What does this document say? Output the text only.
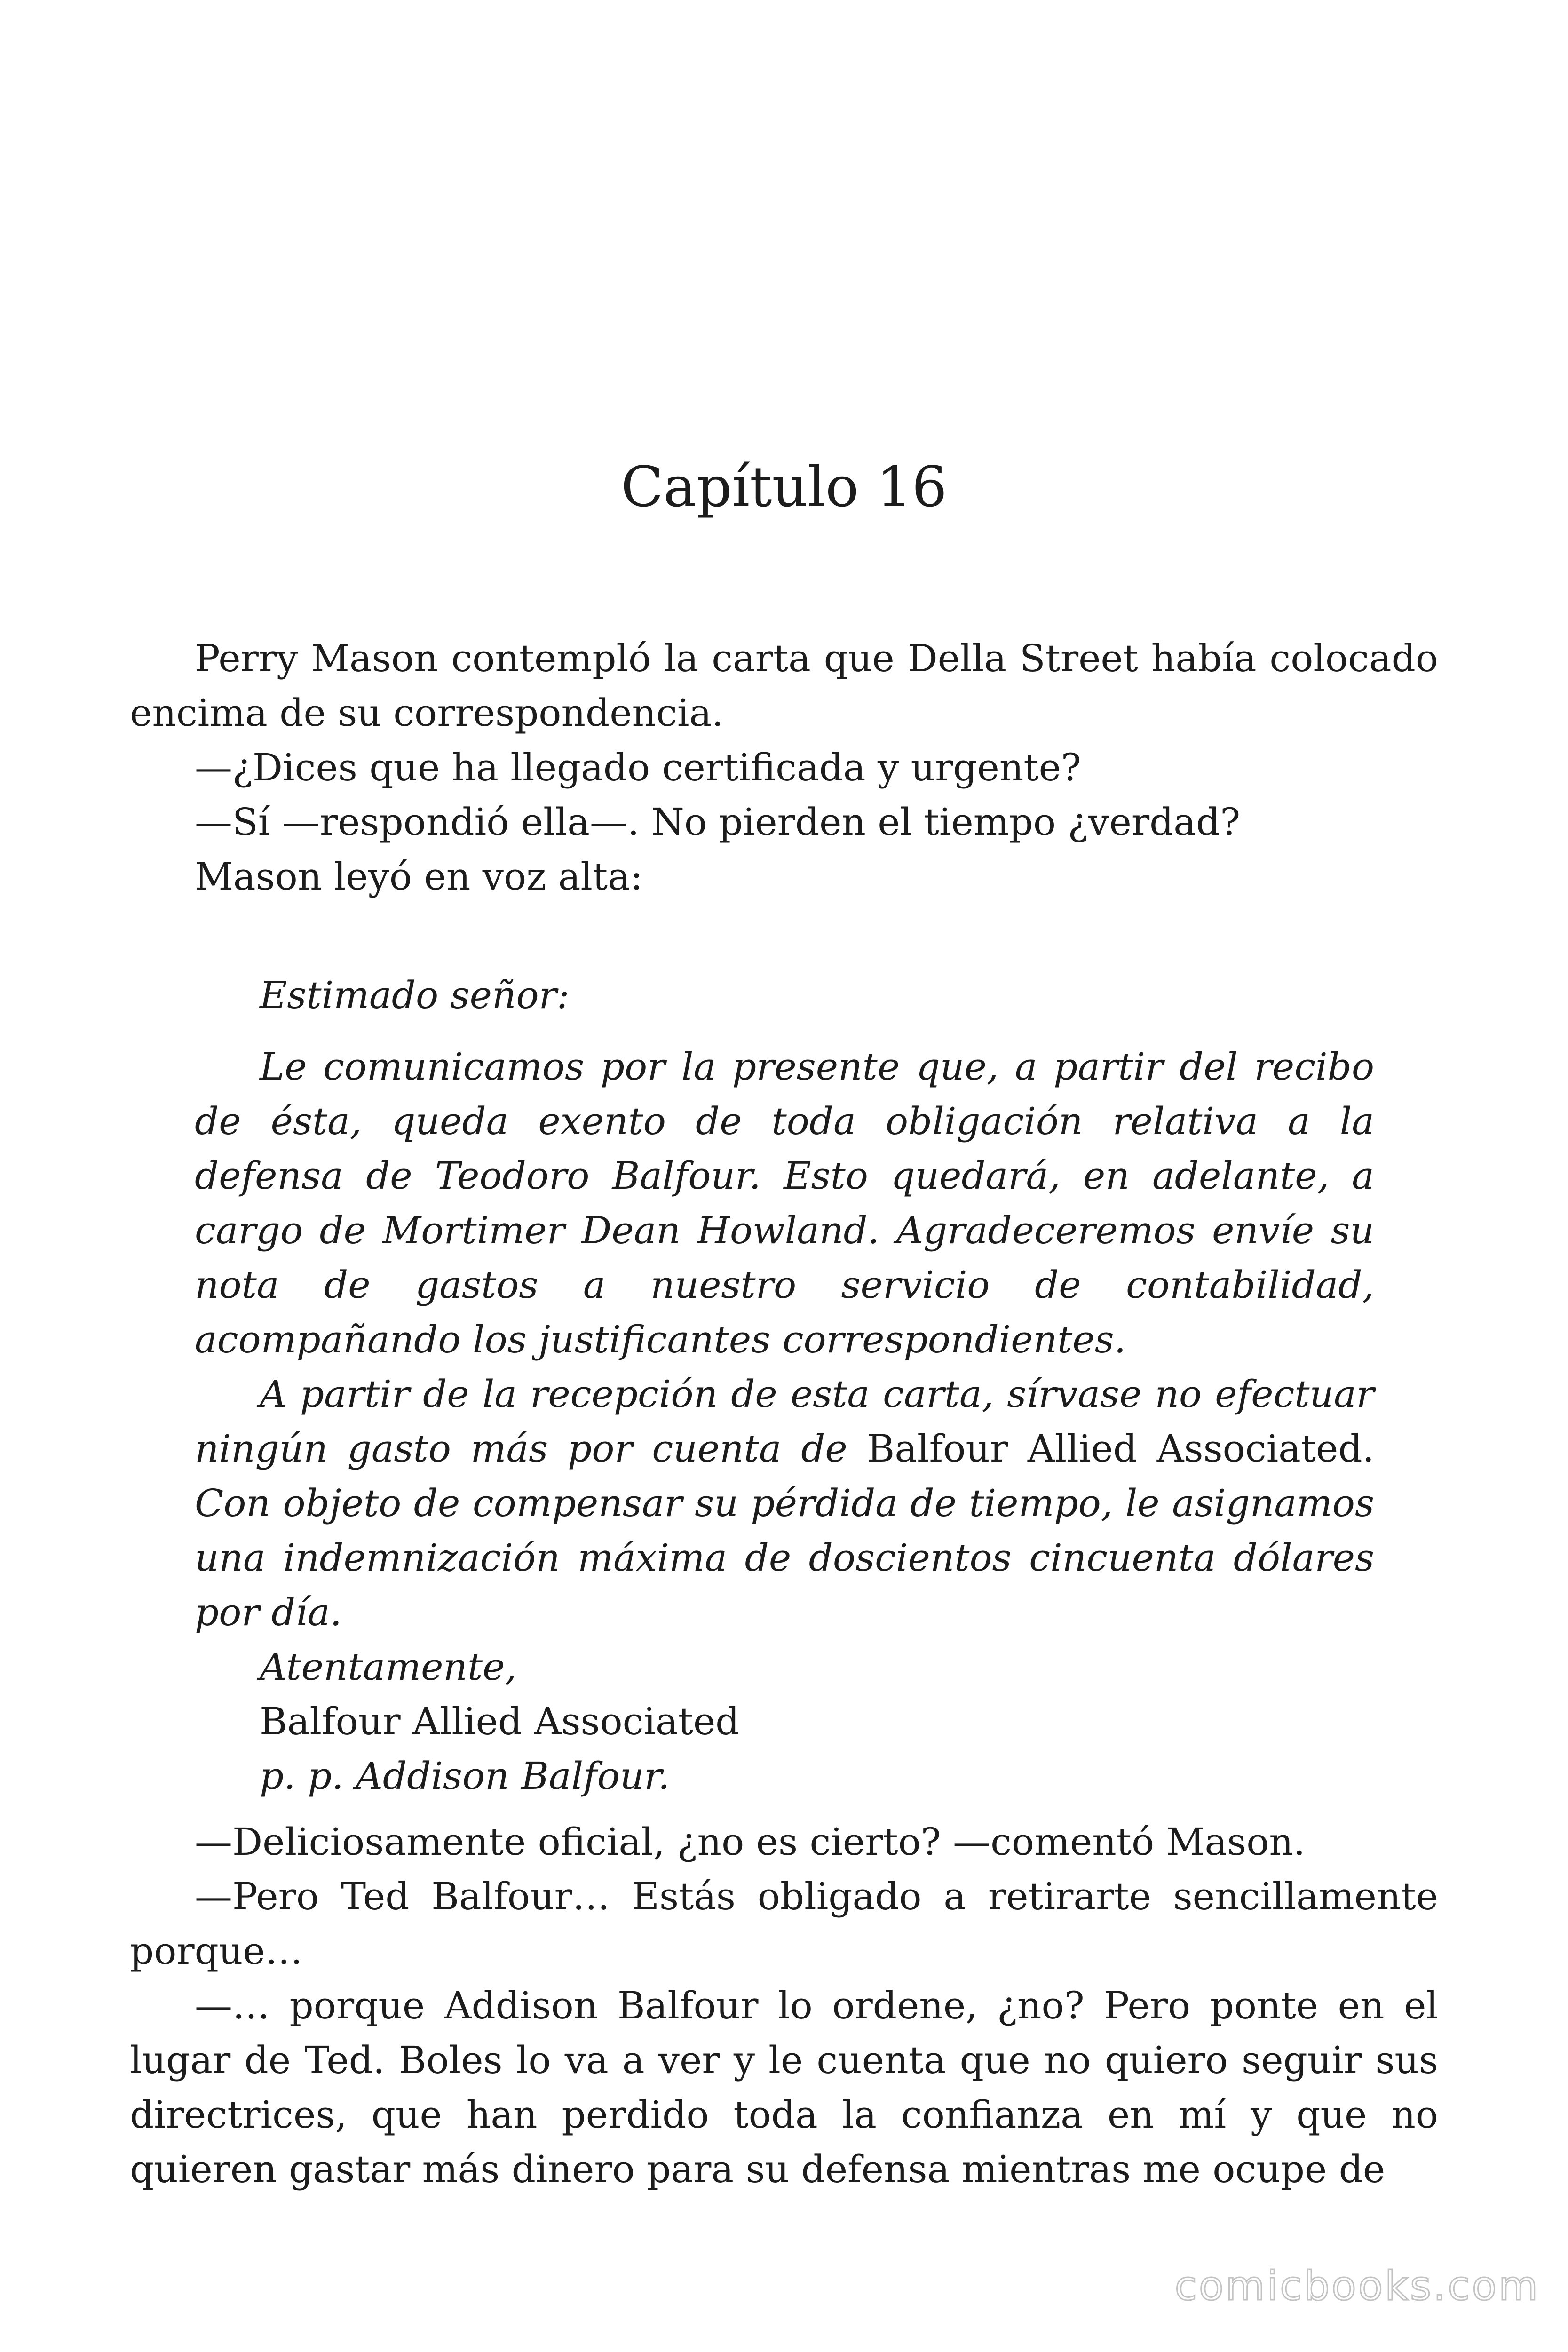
Capítulo 16

Perry Mason contempló la carta que Della Street había colocado encima de su correspondencia.

—¿Dices que ha llegado certificada y urgente?

—Sí —respondió ella—. No pierden el tiempo ¿verdad?

Mason leyó en voz alta:

Estimado señor:

Le comunicamos por la presente que, a partir del recibo de ésta, queda exento de toda obligación relativa a la defensa de Teodoro Balfour. Esto quedará, en adelante, a cargo de Mortimer Dean Howland. Agradeceremos envíe su nota de gastos a nuestro servicio de contabilidad, acompañando los justificantes correspondientes.

A partir de la recepción de esta carta, sírvase no efectuar ningún gasto más por cuenta de Balfour Allied Associated. Con objeto de compensar su pérdida de tiempo, le asignamos una indemnización máxima de doscientos cincuenta dólares por día.

Atentamente,

Balfour Allied Associated

p. p. Addison Balfour.

—Deliciosamente oficial, ¿no es cierto? —comentó Mason.

—Pero Ted Balfour… Estás obligado a retirarte sencillamente porque…

—… porque Addison Balfour lo ordene, ¿no? Pero ponte en el lugar de Ted. Boles lo va a ver y le cuenta que no quiero seguir sus directrices, que han perdido toda la confianza en mí y que no quieren gastar más dinero para su defensa mientras me ocupe de

comicbooks.com
